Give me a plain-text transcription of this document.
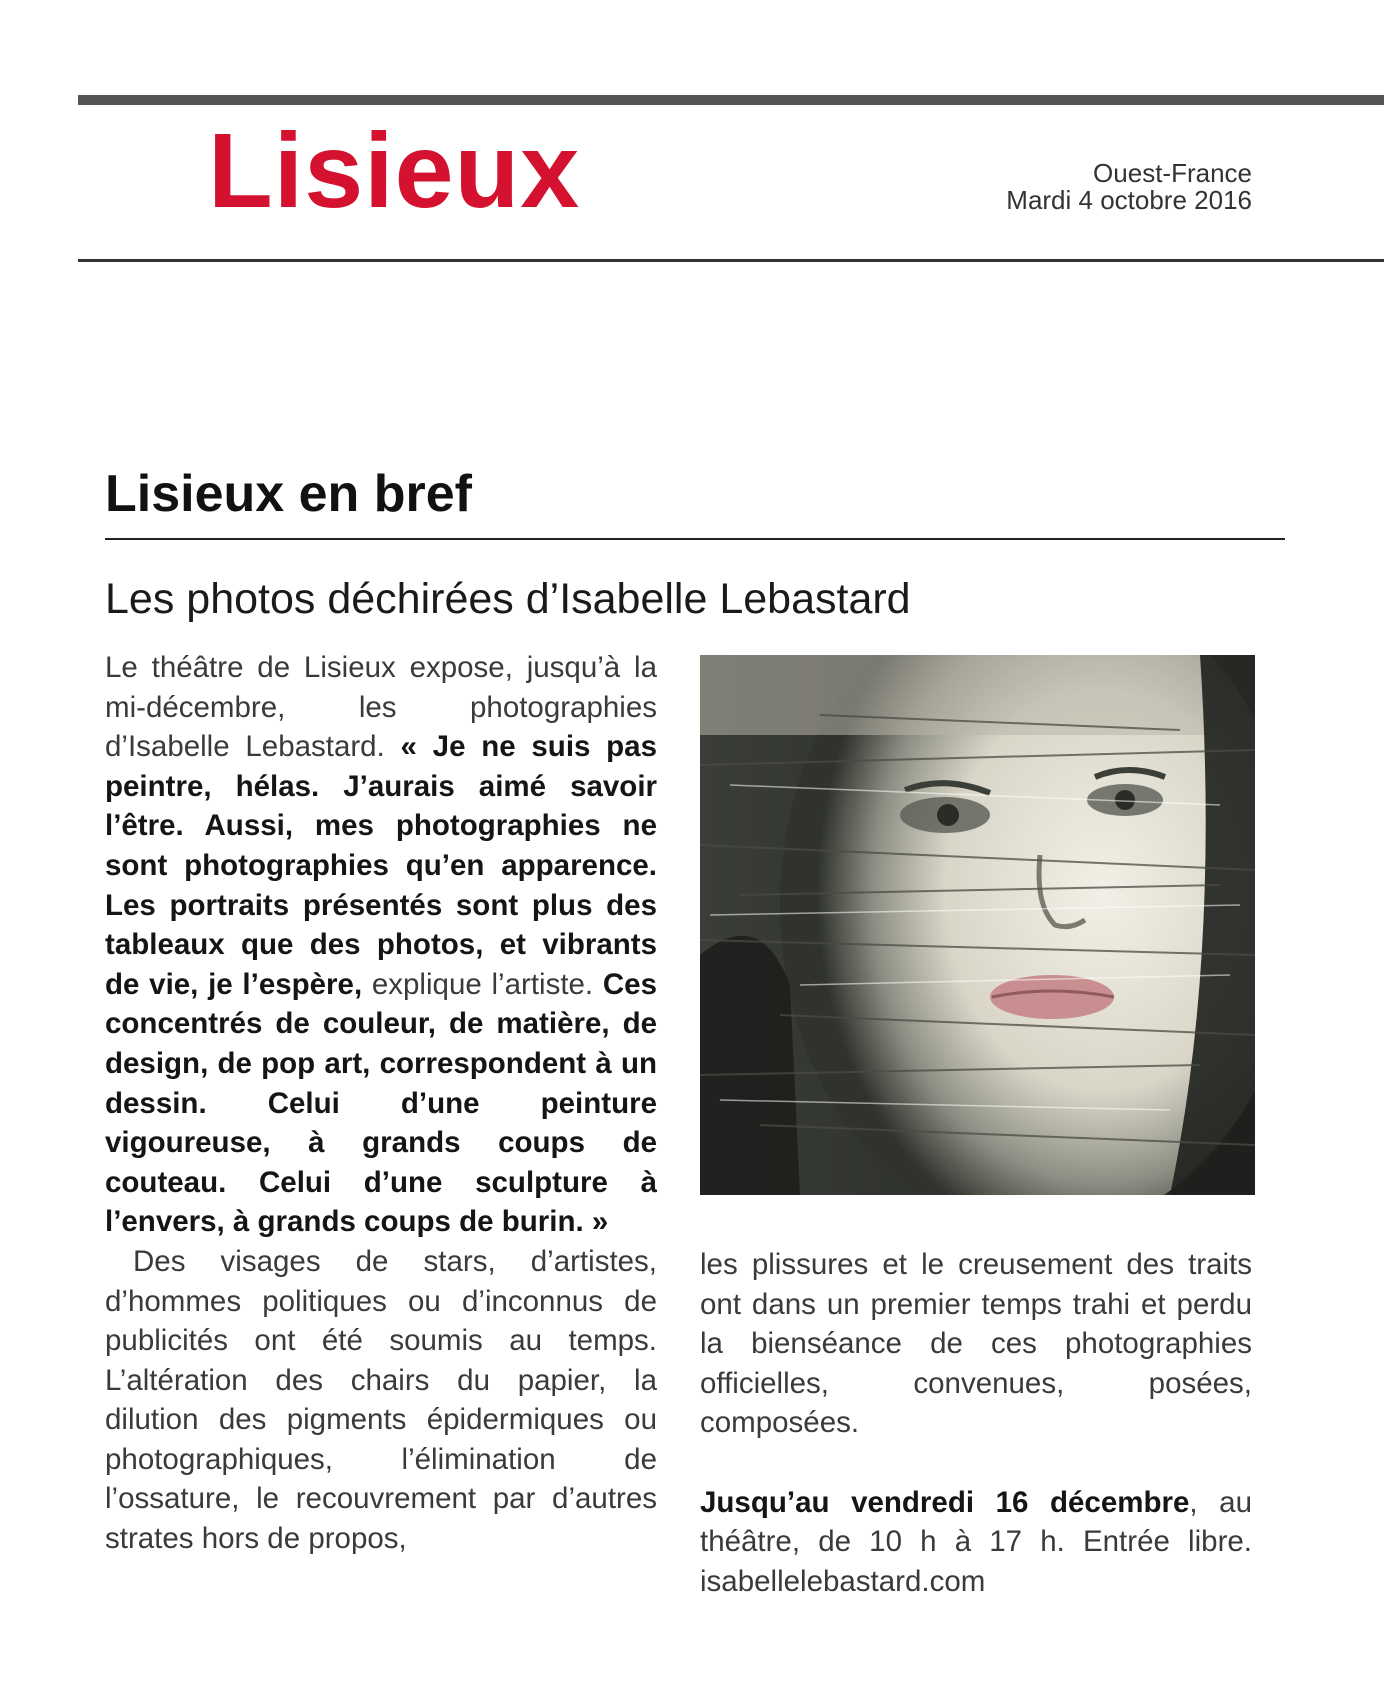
Lisieux	Ouest-France
Mardi 4 octobre 2016
Lisieux en bref
Les photos déchirées d’Isabelle Lebastard

Le théâtre de Lisieux expose, jusqu’à la mi-décembre, les photographies d’Isabelle Lebastard. « Je ne suis pas peintre, hélas. J’aurais aimé savoir l’être. Aussi, mes photographies ne sont photographies qu’en apparence. Les portraits présentés sont plus des tableaux que des photos, et vibrants de vie, je l’espère, explique l’artiste. Ces concentrés de couleur, de matière, de design, de pop art, correspondent à un dessin. Celui d’une peinture vigoureuse, à grands coups de couteau. Celui d’une sculpture à l’envers, à grands coups de burin. »

Des visages de stars, d’artistes, d’hommes politiques ou d’inconnus de publicités ont été soumis au temps. L’altération des chairs du papier, la dilution des pigments épidermiques ou photographiques, l’élimination de l’ossature, le recouvrement par d’autres strates hors de propos,

les plissures et le creusement des traits ont dans un premier temps trahi et perdu la bienséance de ces photographies officielles, convenues, posées, composées.

Jusqu’au vendredi 16 décembre, au théâtre, de 10 h à 17 h. Entrée libre. isabellelebastard.com
